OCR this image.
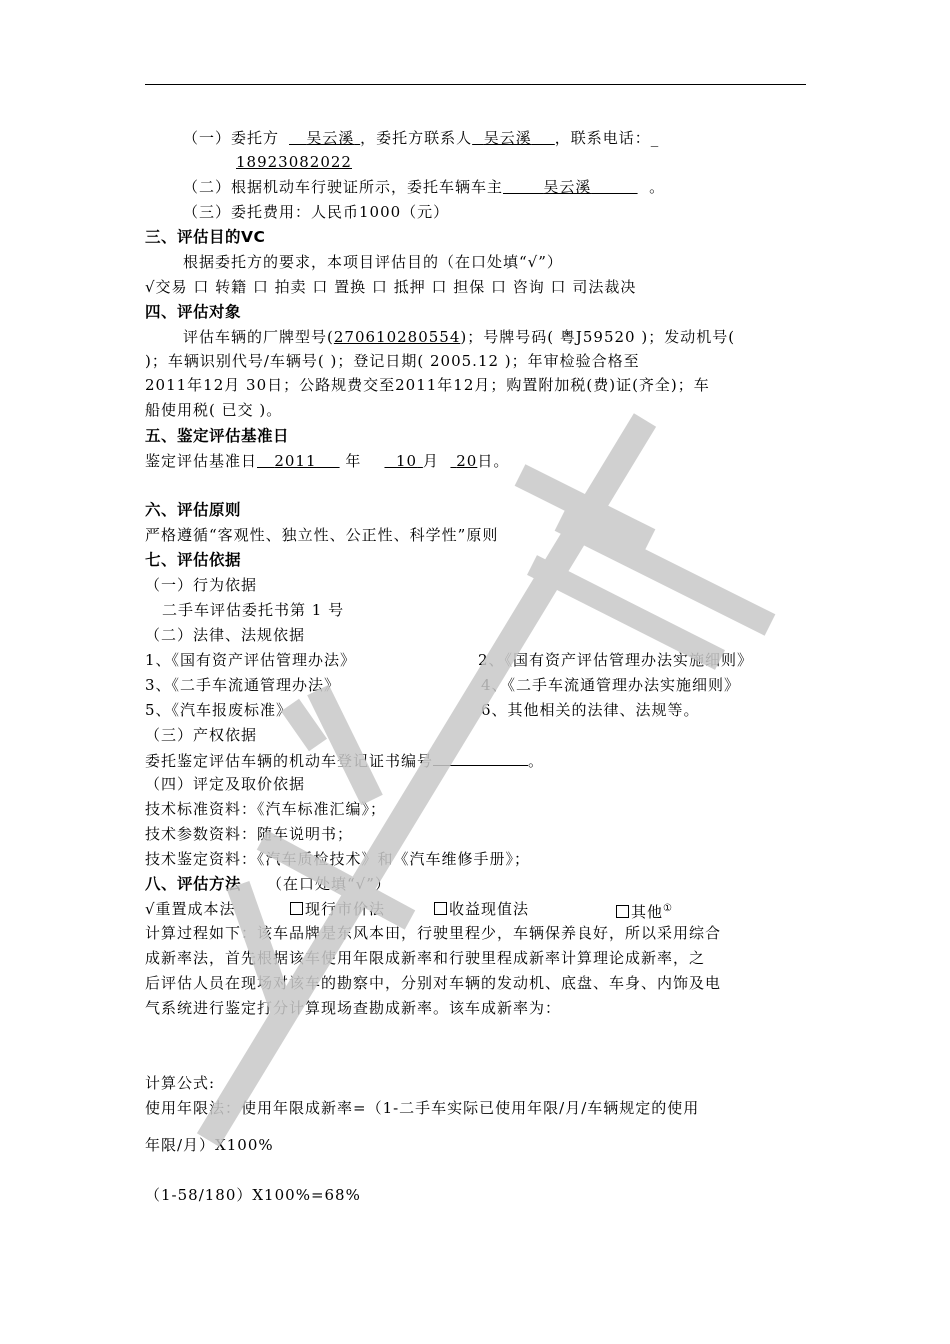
（一）委托方 吴云溪 ，委托方联系人 吴云溪 ，联系电话：_
18923082022
（二）根据机动车行驶证所示，委托车辆车主	吴云溪	。
（三）委托费用：人民币1000（元）
三、评估目的VC
根据委托方的要求，本项目评估目的（在口处填“√”）
√交易 口 转籍 口 拍卖 口 置换 口 抵押 口 担保 口 咨询 口 司法裁决
四、评估对象
评估车辆的厂牌型号(270610280554)；号牌号码( 粤J59520 )；发动机号(
)；车辆识别代号/车辆号( )；登记日期( 2005.12 )；年审检验合格至
2011年12月 30日；公路规费交至2011年12月；购置附加税(费)证(齐全)；车
船使用税( 已交 )。
五、鉴定评估基准日
鉴定评估基准日 2011 年 10 月 20日。
六、评估原则
严格遵循“客观性、独立性、公正性、科学性”原则
七、评估依据
（一）行为依据
二手车评估委托书第 1 号
（二）法律、法规依据
1、《国有资产评估管理办法》	2、《国有资产评估管理办法实施细则》
3、《二手车流通管理办法》	4、《二手车流通管理办法实施细则》
5、《汽车报废标准》	6、其他相关的法律、法规等。
（三）产权依据
委托鉴定评估车辆的机动车登记证书编号	。
（四）评定及取价依据
技术标准资料：《汽车标准汇编》；
技术参数资料：随车说明书；
技术鉴定资料：《汽车质检技术》和《汽车维修手册》；
八、评估方法 （在口处填“√”）
√重置成本法	现行市价法	收益现值法	其他①
计算过程如下：该车品牌是东风本田，行驶里程少，车辆保养良好，所以采用综合
成新率法，首先根据该车使用年限成新率和行驶里程成新率计算理论成新率，之
后评估人员在现场对该车的勘察中，分别对车辆的发动机、底盘、车身、内饰及电
气系统进行鉴定打分计算现场查勘成新率。该车成新率为：
计算公式:
使用年限法：使用年限成新率=（1-二手车实际已使用年限/月/车辆规定的使用
年限/月）X100%
（1-58/180）X100%=68%
